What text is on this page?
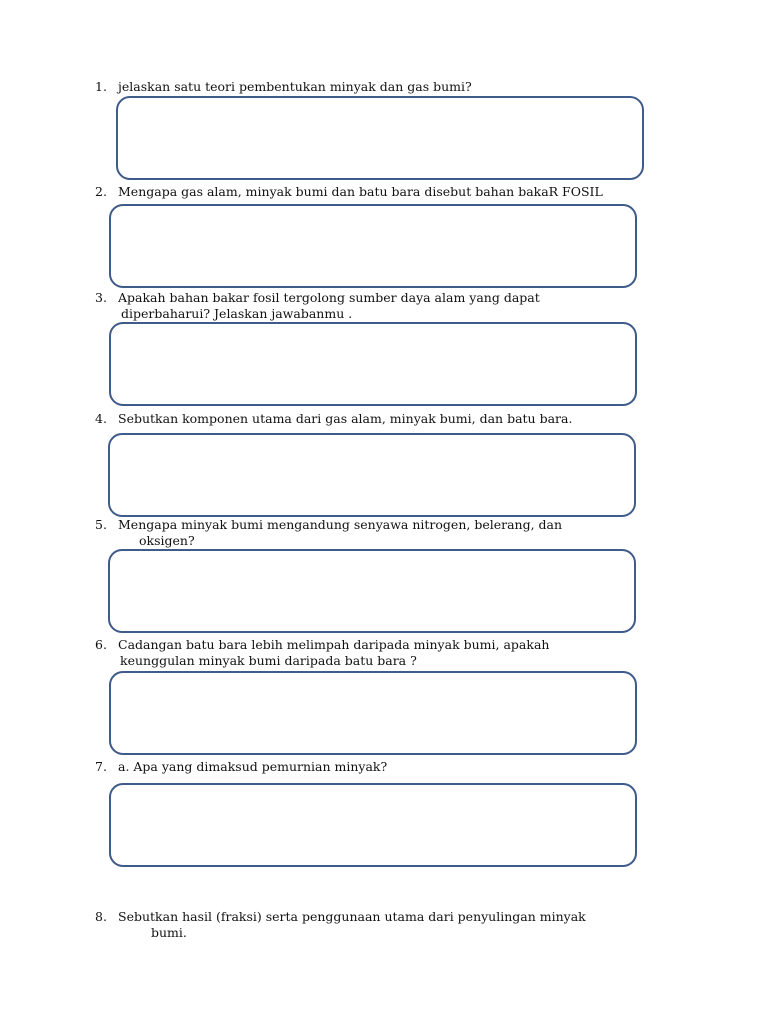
1. jelaskan satu teori pembentukan minyak dan gas bumi?
2. Mengapa gas alam, minyak bumi dan batu bara disebut bahan bakaR FOSIL
3. Apakah bahan bakar fosil tergolong sumber daya alam yang dapat
diperbaharui? Jelaskan jawabanmu .
4. Sebutkan komponen utama dari gas alam, minyak bumi, dan batu bara.
5. Mengapa minyak bumi mengandung senyawa nitrogen, belerang, dan
oksigen?
6. Cadangan batu bara lebih melimpah daripada minyak bumi, apakah
keunggulan minyak bumi daripada batu bara ?
7. a. Apa yang dimaksud pemurnian minyak?
8. Sebutkan hasil (fraksi) serta penggunaan utama dari penyulingan minyak
bumi.
